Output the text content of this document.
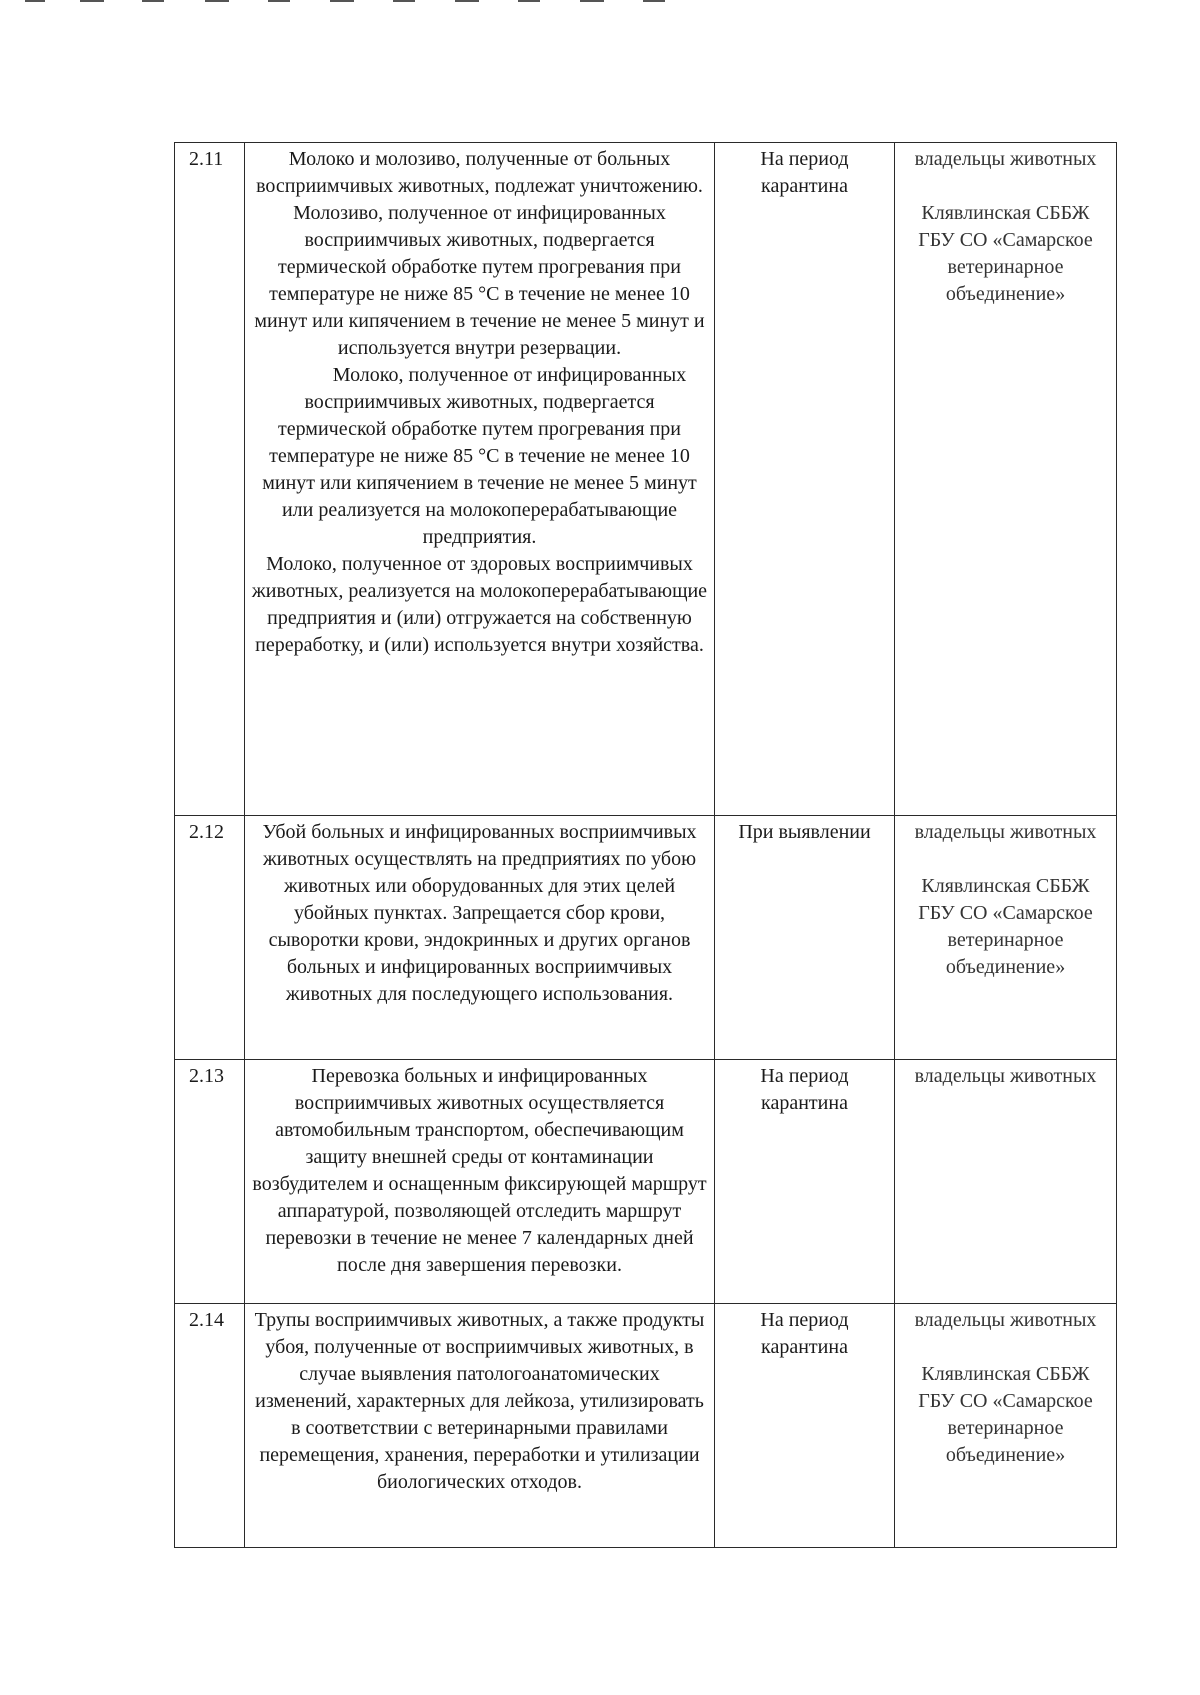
2.11	Молоко и молозиво, полученные от больных восприимчивых животных, подлежат уничтожению. Молозиво, полученное от инфицированных восприимчивых животных, подвергается термической обработке путем прогревания при температуре не ниже 85 °С в течение не менее 10 минут или кипячением в течение не менее 5 минут и используется внутри резервации.
Молоко, полученное от инфицированных восприимчивых животных, подвергается термической обработке путем прогревания при температуре не ниже 85 °С в течение не менее 10 минут или кипячением в течение не менее 5 минут или реализуется на молокоперерабатывающие предприятия.
Молоко, полученное от здоровых восприимчивых животных, реализуется на молокоперерабатывающие предприятия и (или) отгружается на собственную переработку, и (или) используется внутри хозяйства.	На период карантина	владельцы животных
Клявлинская СББЖ ГБУ СО «Самарское ветеринарное объединение»

2.12	Убой больных и инфицированных восприимчивых животных осуществлять на предприятиях по убою животных или оборудованных для этих целей убойных пунктах. Запрещается сбор крови, сыворотки крови, эндокринных и других органов больных и инфицированных восприимчивых животных для последующего использования.	При выявлении	владельцы животных
Клявлинская СББЖ ГБУ СО «Самарское ветеринарное объединение»

2.13	Перевозка больных и инфицированных восприимчивых животных осуществляется автомобильным транспортом, обеспечивающим защиту внешней среды от контаминации возбудителем и оснащенным фиксирующей маршрут аппаратурой, позволяющей отследить маршрут перевозки в течение не менее 7 календарных дней после дня завершения перевозки.	На период карантина	владельцы животных

2.14	Трупы восприимчивых животных, а также продукты убоя, полученные от восприимчивых животных, в случае выявления патологоанатомических изменений, характерных для лейкоза, утилизировать в соответствии с ветеринарными правилами перемещения, хранения, переработки и утилизации биологических отходов.	На период карантина	владельцы животных
Клявлинская СББЖ ГБУ СО «Самарское ветеринарное объединение»
